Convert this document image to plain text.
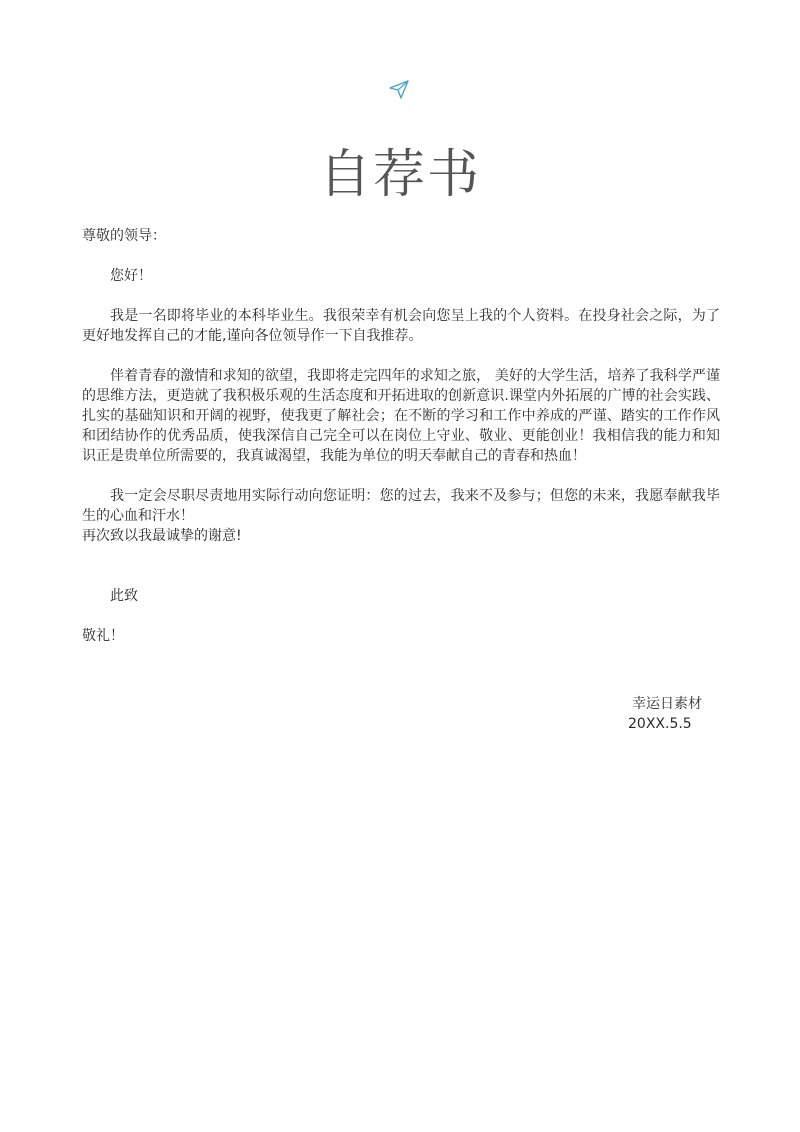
自荐书

尊敬的领导：

您好！

我是一名即将毕业的本科毕业生。我很荣幸有机会向您呈上我的个人资料。在投身社会之际，为了更好地发挥自己的才能,谨向各位领导作一下自我推荐。

伴着青春的激情和求知的欲望，我即将走完四年的求知之旅， 美好的大学生活，培养了我科学严谨的思维方法，更造就了我积极乐观的生活态度和开拓进取的创新意识.课堂内外拓展的广博的社会实践、扎实的基础知识和开阔的视野，使我更了解社会；在不断的学习和工作中养成的严谨、踏实的工作作风和团结协作的优秀品质，使我深信自己完全可以在岗位上守业、敬业、更能创业！我相信我的能力和知识正是贵单位所需要的，我真诚渴望，我能为单位的明天奉献自己的青春和热血！

我一定会尽职尽责地用实际行动向您证明：您的过去，我来不及参与；但您的未来，我愿奉献我毕生的心血和汗水！

再次致以我最诚挚的谢意!

此致

敬礼！

幸运日素材
20XX.5.5
